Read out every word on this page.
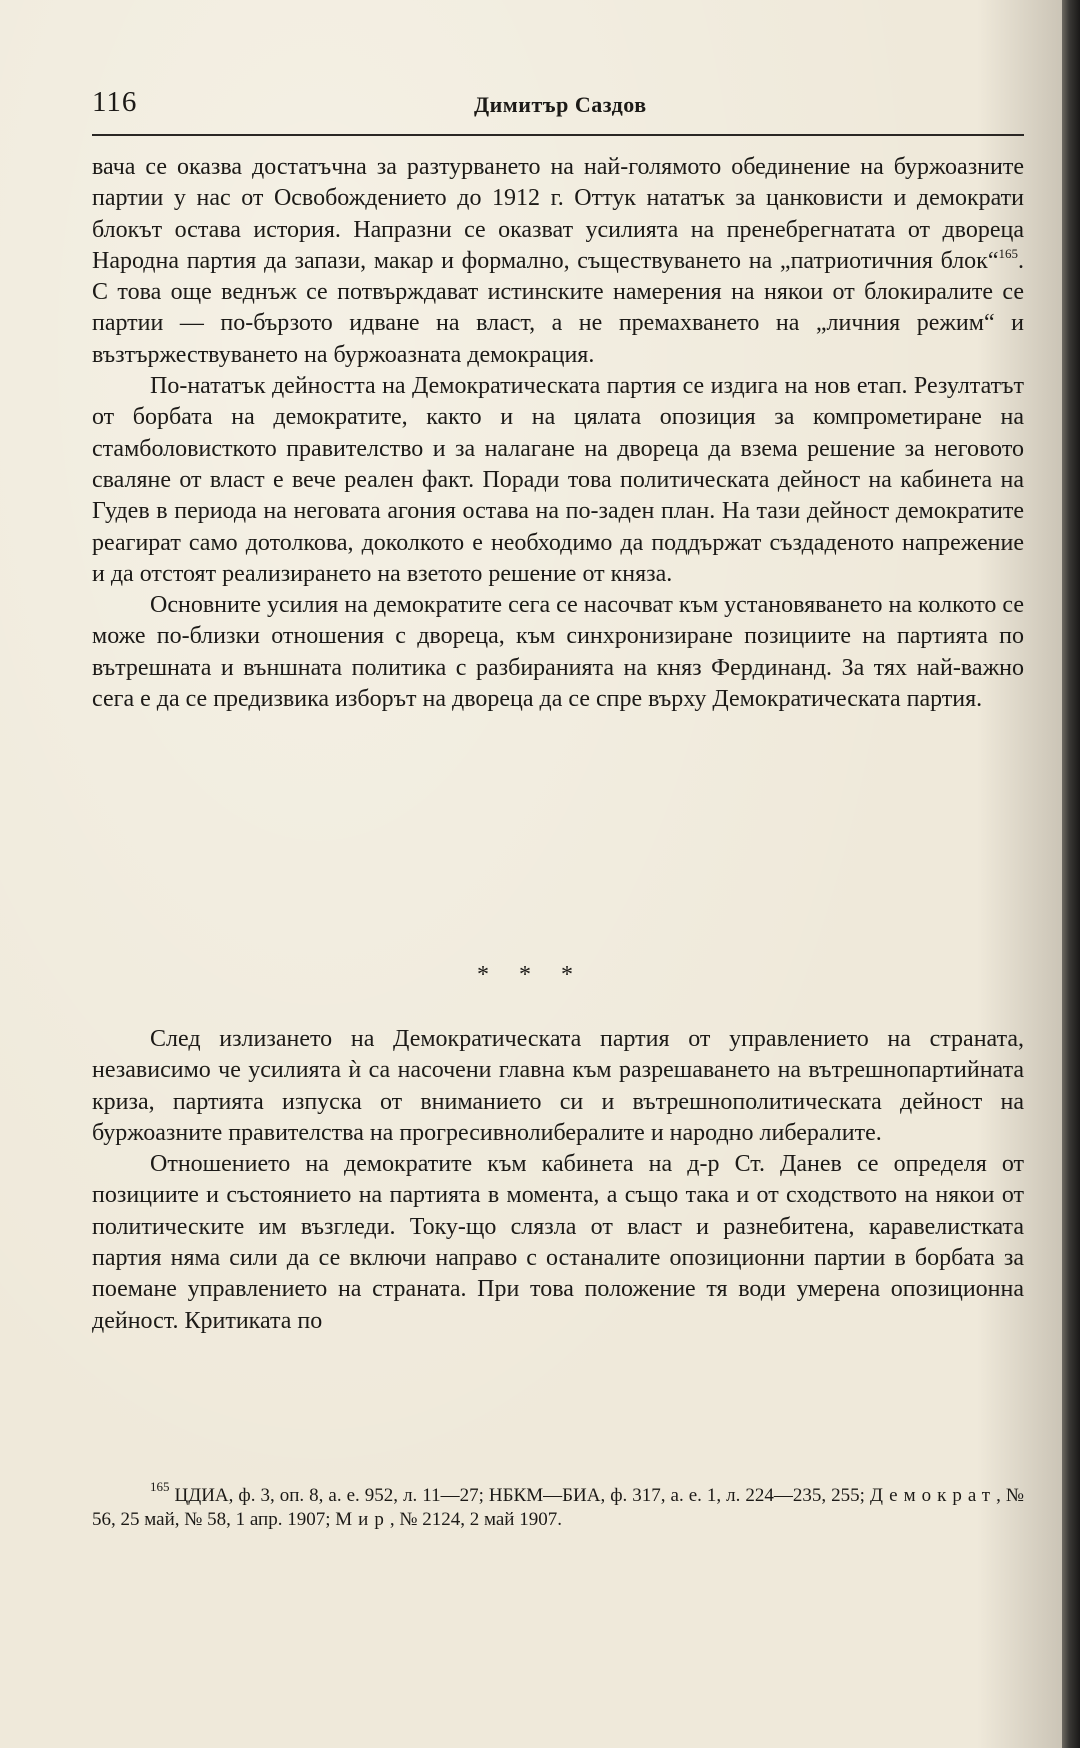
116	Димитър Саздов

вача се оказва достатъчна за разтурването на най-голямото обединение на буржоазните партии у нас от Освобождението до 1912 г. Оттук нататък за цанковисти и демократи блокът остава история. Напразни се оказват усилията на пренебрегнатата от двореца Народна партия да запази, макар и формално, съществуването на „патриотичния блок“$^{165}$. С това още веднъж се потвърждават истинските намерения на някои от блокиралите се партии — по-бързото идване на власт, а не премахването на „личния режим“ и възтържествуването на буржоазната демокрация.

По-нататък дейността на Демократическата партия се издига на нов етап. Резултатът от борбата на демократите, както и на цялата опозиция за компрометиране на стамболовисткото правителство и за налагане на двореца да взема решение за неговото сваляне от власт е вече реален факт. Поради това политическата дейност на кабинета на Гудев в периода на неговата агония остава на по-заден план. На тази дейност демократите реагират само дотолкова, доколкото е необходимо да поддържат създаденото напрежение и да отстоят реализирането на взетото решение от княза.

Основните усилия на демократите сега се насочват към установяването на колкото се може по-близки отношения с двореца, към синхронизиране позициите на партията по вътрешната и външната политика с разбиранията на княз Фердинанд. За тях най-важно сега е да се предизвика изборът на двореца да се спре върху Демократическата партия.

* * *

След излизането на Демократическата партия от управлението на страната, независимо че усилията ѝ са насочени главна към разрешаването на вътрешнопартийната криза, партията изпуска от вниманието си и вътрешнополитическата дейност на буржоазните правителства на прогресивнолибералите и народно либералите.

Отношението на демократите към кабинета на д-р Ст. Данев се определя от позициите и състоянието на партията в момента, а също така и от сходството на някои от политическите им възгледи. Току-що слязла от власт и разнебитена, каравелистката партия няма сили да се включи направо с останалите опозиционни партии в борбата за поемане управлението на страната. При това положение тя води умерена опозиционна дейност. Критиката по

$^{165}$ ЦДИА, ф. 3, оп. 8, а. е. 952, л. 11—27; НБКМ—БИА, ф. 317, а. е. 1, л. 224—235, 255; Демократ, № 56, 25 май, № 58, 1 апр. 1907; Мир, № 2124, 2 май 1907.
